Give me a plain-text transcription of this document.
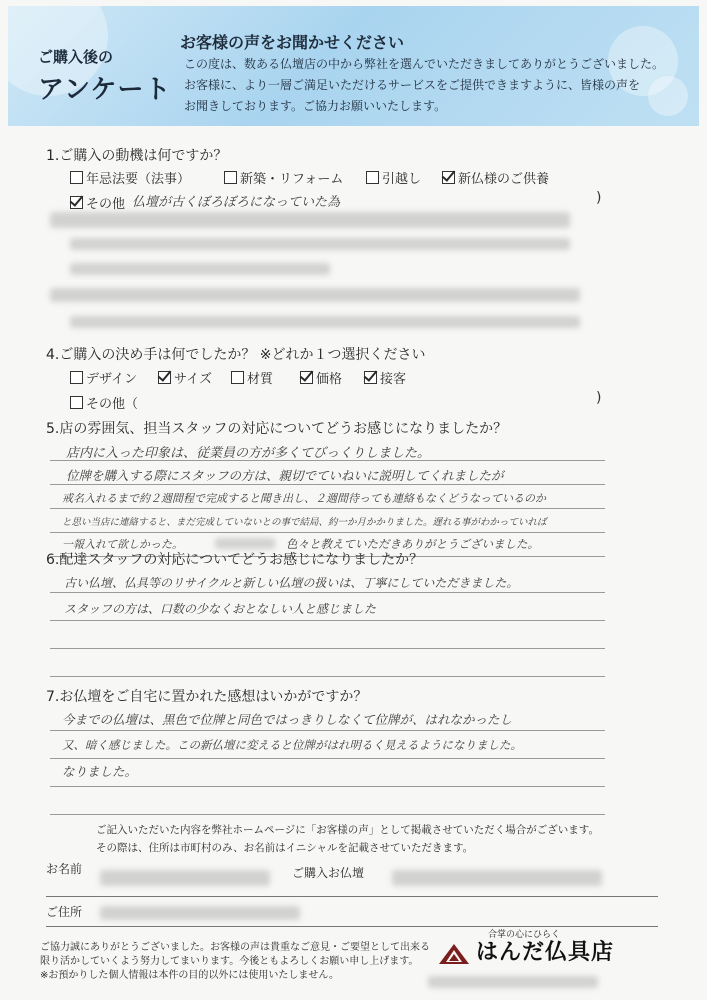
ご購入後の
アンケート
お客様の声をお聞かせください
この度は、数ある仏壇店の中から弊社を選んでいただきましてありがとうございました。
お客様に、より一層ご満足いただけるサービスをご提供できますように、皆様の声を
お聞きしております。ご協力お願いいたします。
1.ご購入の動機は何ですか？
年忌法要（法事）	新築・リフォーム	引越し	新仏様のご供養
その他 仏壇が古くぼろぼろになっていた為	)
4.ご購入の決め手は何でしたか？ ※どれか１つ選択ください
デザイン	サイズ	材質	価格	接客
その他（	)
5.店の雰囲気、担当スタッフの対応についてどうお感じになりましたか？
店内に入った印象は、従業員の方が多くてびっくりしました。
位牌を購入する際にスタッフの方は、親切でていねいに説明してくれましたが
戒名入れるまで約２週間程で完成すると聞き出し、２週間待っても連絡もなくどうなっているのか
と思い当店に連絡すると、まだ完成していないとの事で結局、約一か月かかりました。遅れる事がわかっていれば
一報入れて欲しかった。	色々と教えていただきありがとうございました。
6.配達スタッフの対応についてどうお感じになりましたか？
古い仏壇、仏具等のリサイクルと新しい仏壇の扱いは、丁寧にしていただきました。
スタッフの方は、口数の少なくおとなしい人と感じました
7.お仏壇をご自宅に置かれた感想はいかがですか？
今までの仏壇は、黒色で位牌と同色ではっきりしなくて位牌が、はれなかったし
又、暗く感じました。この新仏壇に変えると位牌がはれ明るく見えるようになりました。
なりました。
ご記入いただいた内容を弊社ホームページに「お客様の声」として掲載させていただく場合がございます。
その際は、住所は市町村のみ、お名前はイニシャルを記載させていただきます。
お名前	ご購入お仏壇
ご住所
ご協力誠にありがとうございました。お客様の声は貴重なご意見・ご要望として出来る
限り活かしていくよう努力してまいります。今後ともよろしくお願い申し上げます。
※お預かりした個人情報は本件の目的以外には使用いたしません。
合掌の心にひらく
はんだ仏具店
